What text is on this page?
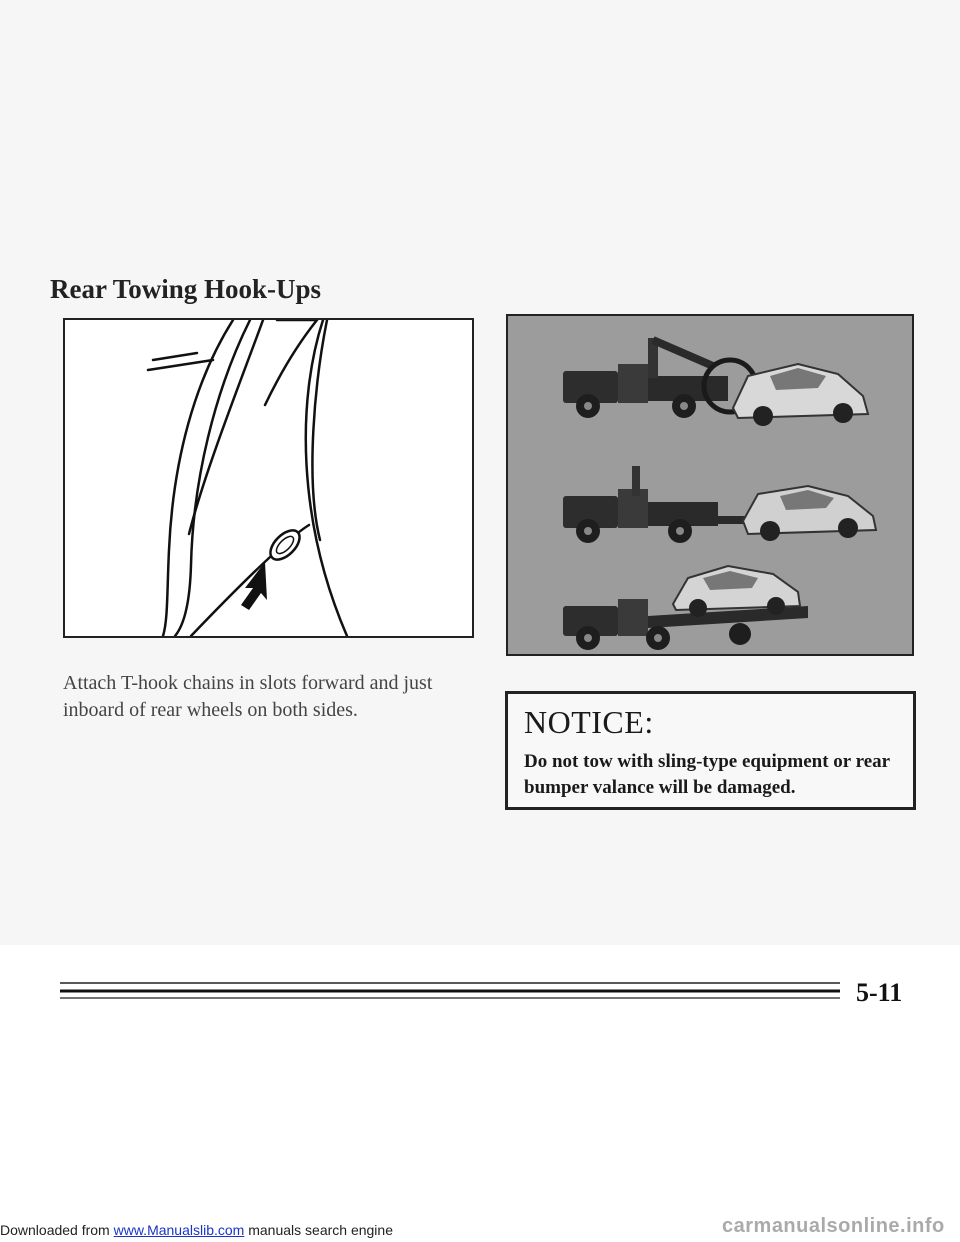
Rear Towing Hook-Ups

Attach T-hook chains in slots forward and just inboard of rear wheels on both sides.	NOTICE:

Do not tow with sling-type equipment or rear bumper valance will be damaged.

5-11

Downloaded from www.Manualslib.com manuals search engine	carmanualsonline.info
